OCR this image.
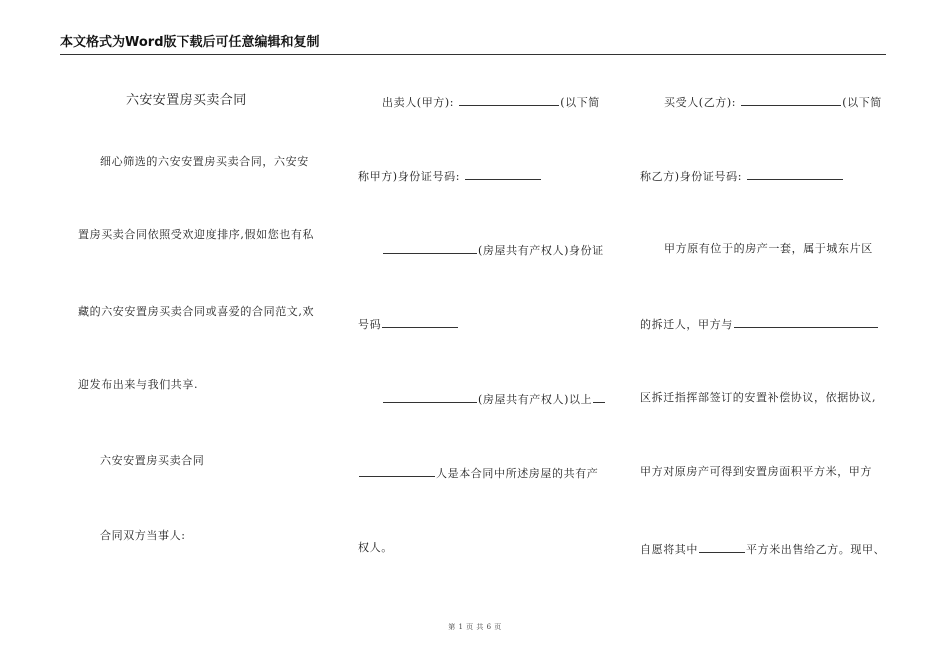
本文格式为Word版下载后可任意编辑和复制
六安安置房买卖合同
细心筛选的六安安置房买卖合同，六安安
置房买卖合同依照受欢迎度排序,假如您也有私
藏的六安安置房买卖合同或喜爱的合同范文,欢
迎发布出来与我们共享.
六安安置房买卖合同
合同双方当事人:
出卖人(甲方):	(以下简
称甲方)身份证号码:
(房屋共有产权人)身份证
号码
(房屋共有产权人)以上
人是本合同中所述房屋的共有产
权人。
买受人(乙方):	(以下简
称乙方)身份证号码:
甲方原有位于的房产一套，属于城东片区
的拆迁人，甲方与
区拆迁指挥部签订的安置补偿协议，依据协议,
甲方对原房产可得到安置房面积平方米，甲方
自愿将其中	平方米出售给乙方。现甲、
第 1 页 共 6 页
